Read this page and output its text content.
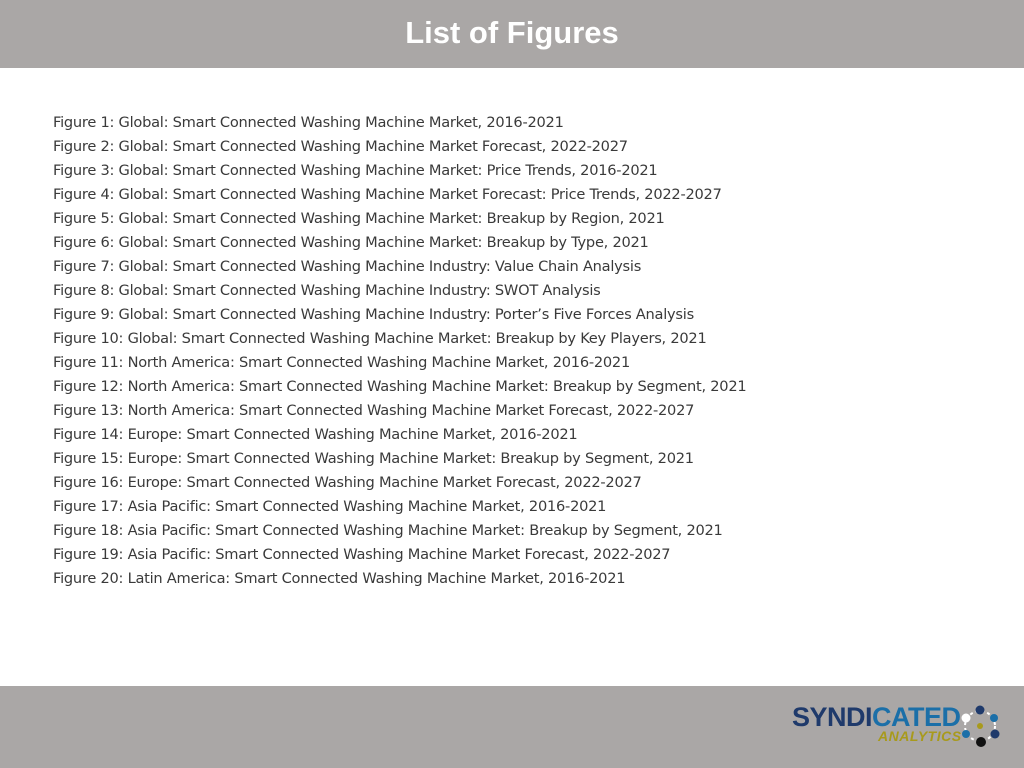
List of Figures
Figure 1: Global: Smart Connected Washing Machine Market, 2016-2021
Figure 2: Global: Smart Connected Washing Machine Market Forecast, 2022-2027
Figure 3: Global: Smart Connected Washing Machine Market: Price Trends, 2016-2021
Figure 4: Global: Smart Connected Washing Machine Market Forecast: Price Trends, 2022-2027
Figure 5: Global: Smart Connected Washing Machine Market: Breakup by Region, 2021
Figure 6: Global: Smart Connected Washing Machine Market: Breakup by Type, 2021
Figure 7: Global: Smart Connected Washing Machine Industry: Value Chain Analysis
Figure 8: Global: Smart Connected Washing Machine Industry: SWOT Analysis
Figure 9: Global: Smart Connected Washing Machine Industry: Porter’s Five Forces Analysis
Figure 10: Global: Smart Connected Washing Machine Market: Breakup by Key Players, 2021
Figure 11: North America: Smart Connected Washing Machine Market, 2016-2021
Figure 12: North America: Smart Connected Washing Machine Market: Breakup by Segment, 2021
Figure 13: North America: Smart Connected Washing Machine Market Forecast, 2022-2027
Figure 14: Europe: Smart Connected Washing Machine Market, 2016-2021
Figure 15: Europe: Smart Connected Washing Machine Market: Breakup by Segment, 2021
Figure 16: Europe: Smart Connected Washing Machine Market Forecast, 2022-2027
Figure 17: Asia Pacific: Smart Connected Washing Machine Market, 2016-2021
Figure 18: Asia Pacific: Smart Connected Washing Machine Market: Breakup by Segment, 2021
Figure 19: Asia Pacific: Smart Connected Washing Machine Market Forecast, 2022-2027
Figure 20: Latin America: Smart Connected Washing Machine Market, 2016-2021
SYNDICATED
ANALYTICS
